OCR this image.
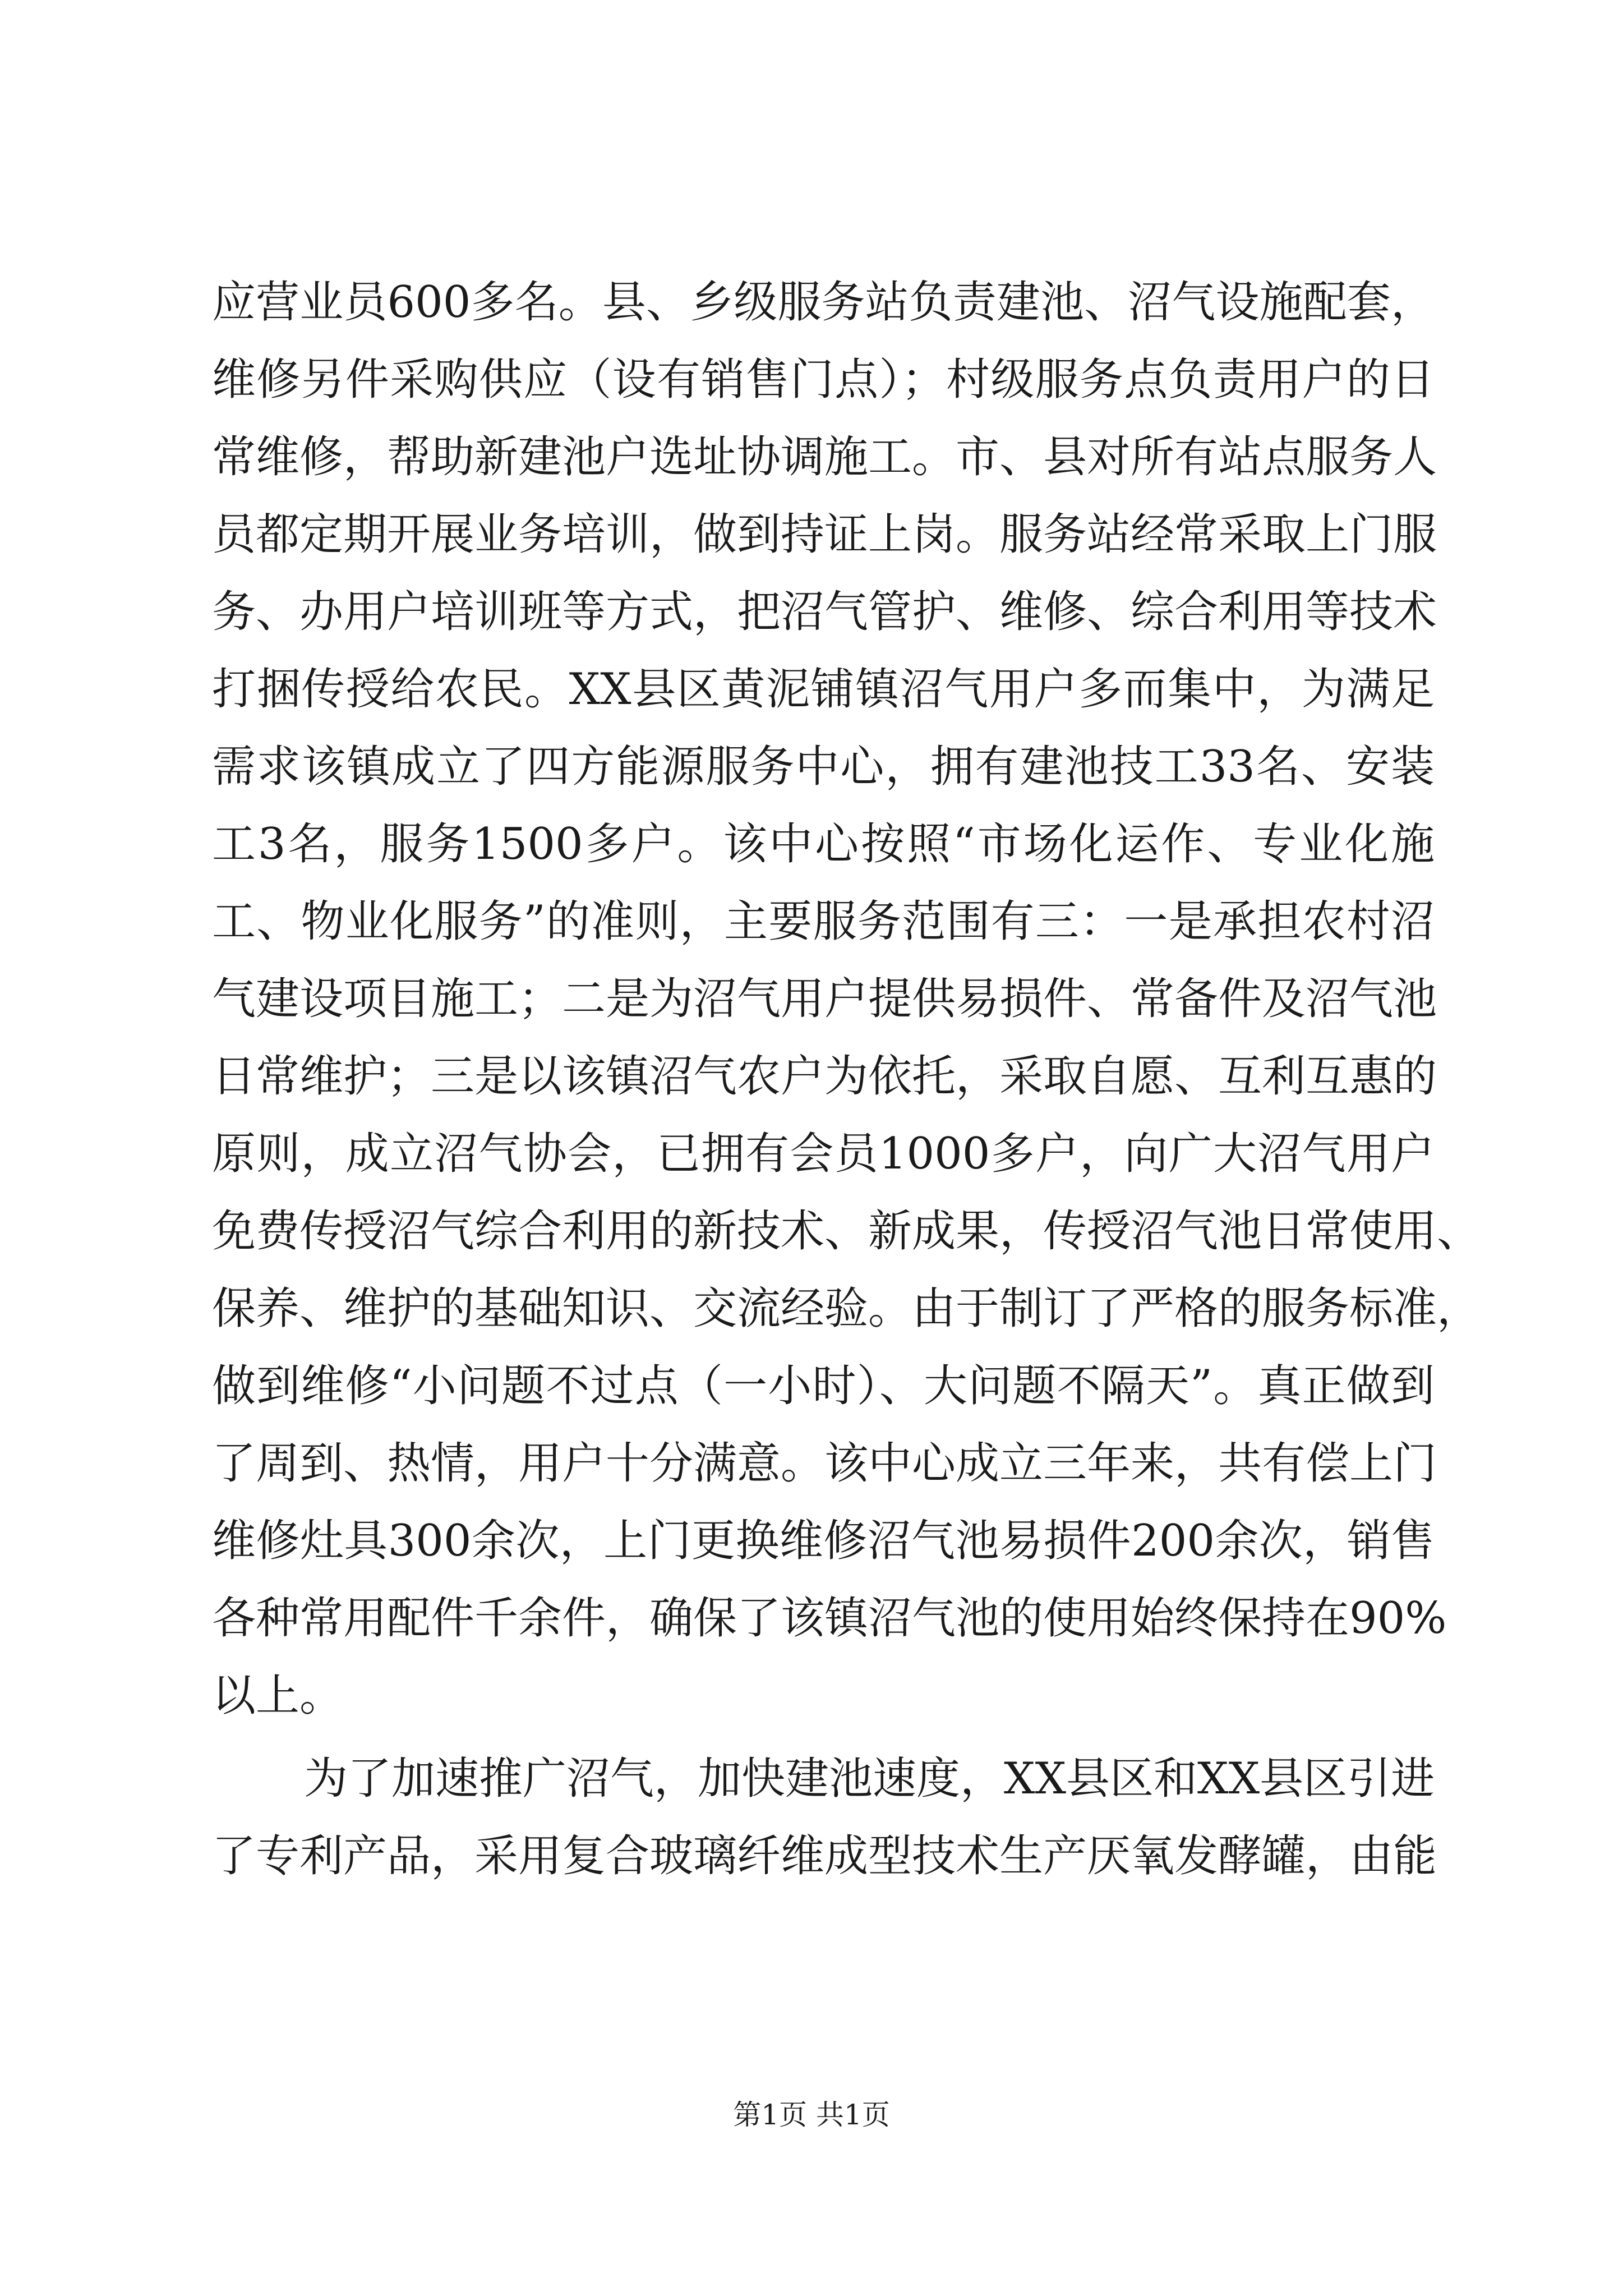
应营业员600多名。县、乡级服务站负责建池、沼气设施配套，
维修另件采购供应（设有销售门点）；村级服务点负责用户的日
常维修，帮助新建池户选址协调施工。市、县对所有站点服务人
员都定期开展业务培训，做到持证上岗。服务站经常采取上门服
务、办用户培训班等方式，把沼气管护、维修、综合利用等技术
打捆传授给农民。XX县区黄泥铺镇沼气用户多而集中，为满足
需求该镇成立了四方能源服务中心，拥有建池技工33名、安装
工3名，服务1500多户。该中心按照“市场化运作、专业化施
工、物业化服务”的准则，主要服务范围有三：一是承担农村沼
气建设项目施工；二是为沼气用户提供易损件、常备件及沼气池
日常维护；三是以该镇沼气农户为依托，采取自愿、互利互惠的
原则，成立沼气协会，已拥有会员1000多户，向广大沼气用户
免费传授沼气综合利用的新技术、新成果，传授沼气池日常使用、
保养、维护的基础知识、交流经验。由于制订了严格的服务标准，
做到维修“小问题不过点（一小时）、大问题不隔天”。真正做到
了周到、热情，用户十分满意。该中心成立三年来，共有偿上门
维修灶具300余次，上门更换维修沼气池易损件200余次，销售
各种常用配件千余件，确保了该镇沼气池的使用始终保持在90%
以上。
为了加速推广沼气，加快建池速度，XX县区和XX县区引进
了专利产品，采用复合玻璃纤维成型技术生产厌氧发酵罐，由能
第1页 共1页
